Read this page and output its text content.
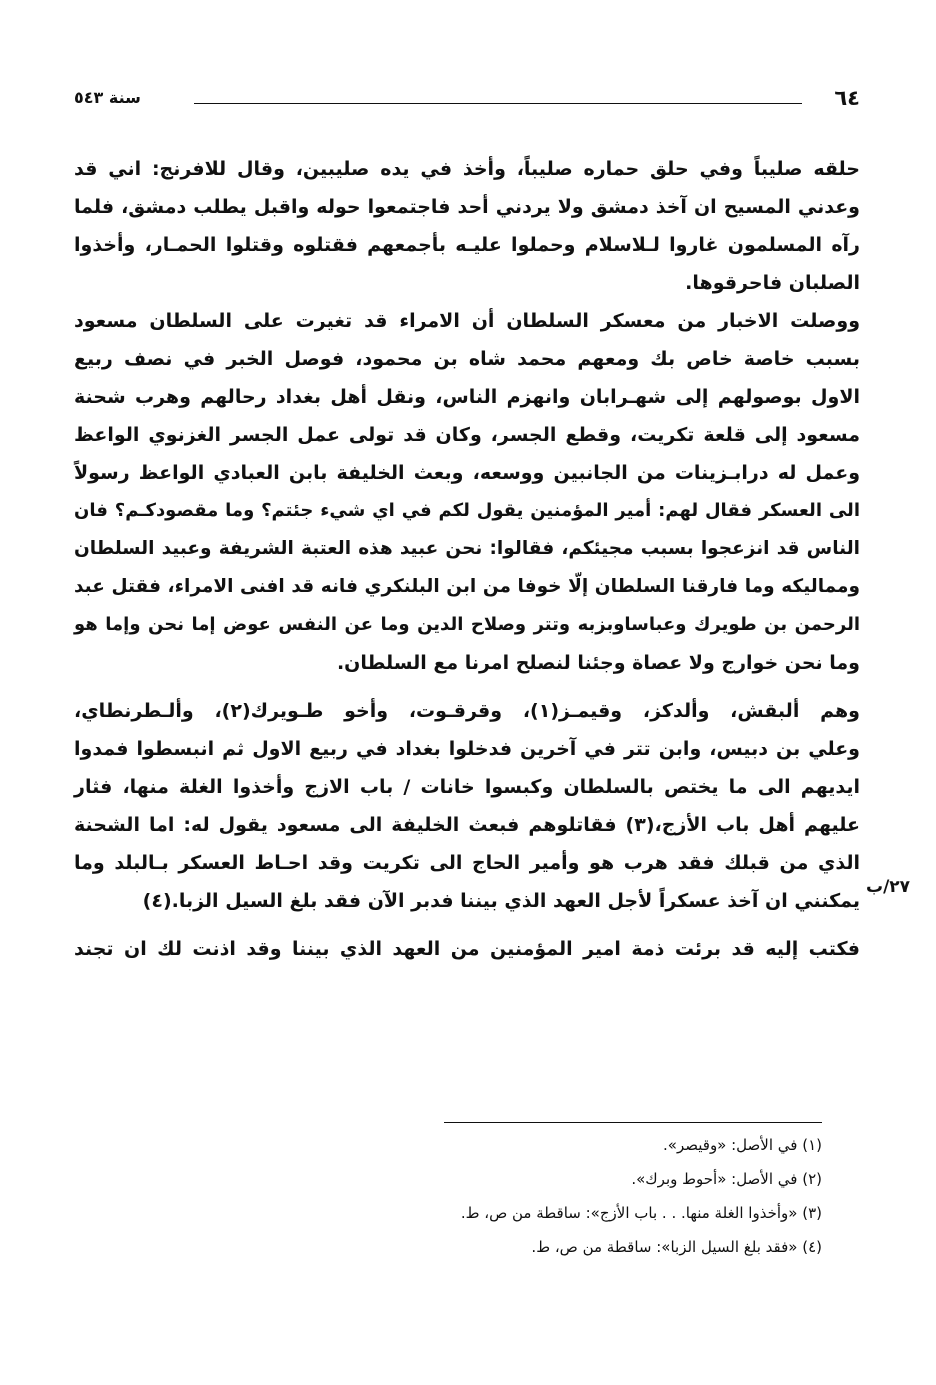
٦٤
سنة ٥٤٣
حلقه صليباً وفي حلق حماره صليباً، وأخذ في يده صليبين، وقال للافرنج: اني قد
وعدني المسيح ان آخذ دمشق ولا يردني أحد فاجتمعوا حوله واقبل يطلب دمشق، فلما
رآه المسلمون غاروا لـلاسلام وحملوا عليـه بأجمعهم فقتلوه وقتلوا الحمـار، وأخذوا
الصلبان فاحرقوها.
ووصلت الاخبار من معسكر السلطان أن الامراء قد تغيرت على السلطان مسعود
بسبب خاصة خاص بك ومعهم محمد شاه بن محمود، فوصل الخبر في نصف ربيع
الاول بوصولهم إلى شهـرابان وانهزم الناس، ونقل أهل بغداد رحالهم وهرب شحنة
مسعود إلى قلعة تكريت، وقطع الجسر، وكان قد تولى عمل الجسر الغزنوي الواعظ
وعمل له درابـزينات من الجانبين ووسعه، وبعث الخليفة بابن العبادي الواعظ رسولاً
الى العسكر فقال لهم: أمير المؤمنين يقول لكم في اي شيء جئتم؟ وما مقصودكـم؟ فان
الناس قد انزعجوا بسبب مجيئكم، فقالوا: نحن عبيد هذه العتبة الشريفة وعبيد السلطان
ومماليكه وما فارقنا السلطان إلّا خوفا من ابن البلنكري فانه قد افنى الامراء، فقتل عبد
الرحمن بن طويرك وعباساوبزبه وتتر وصلاح الدين وما عن النفس عوض إما نحن وإما هو
وما نحن خوارج ولا عصاة وجئنا لنصلح امرنا مع السلطان.
وهم ألبقش، وألدكز، وقيمـز(١)، وقرقـوت، وأخو طـويرك(٢)، وألـطرنطاي،
وعلي بن دبيس، وابن تتر في آخرين فدخلوا بغداد في ربيع الاول ثم انبسطوا فمدوا
ايديهم الى ما يختص بالسلطان وكبسوا خانات / باب الازج وأخذوا الغلة منها، فثار
عليهم أهل باب الأزج،(٣) فقاتلوهم فبعث الخليفة الى مسعود يقول له: اما الشحنة
الذي من قبلك فقد هرب هو وأمير الحاج الى تكريت وقد احـاط العسكر بـالبلد وما
يمكنني ان آخذ عسكراً لأجل العهد الذي بيننا فدبر الآن فقد بلغ السيل الزبا.(٤)
فكتب إليه قد برئت ذمة امير المؤمنين من العهد الذي بيننا وقد اذنت لك ان تجند
٢٧/ب
(١) في الأصل: «وقيصر».
(٢) في الأصل: «أحوط وبرك».
(٣) «وأخذوا الغلة منها. . . باب الأزج»: ساقطة من ص، ط.
(٤) «فقد بلغ السيل الزبا»: ساقطة من ص، ط.
